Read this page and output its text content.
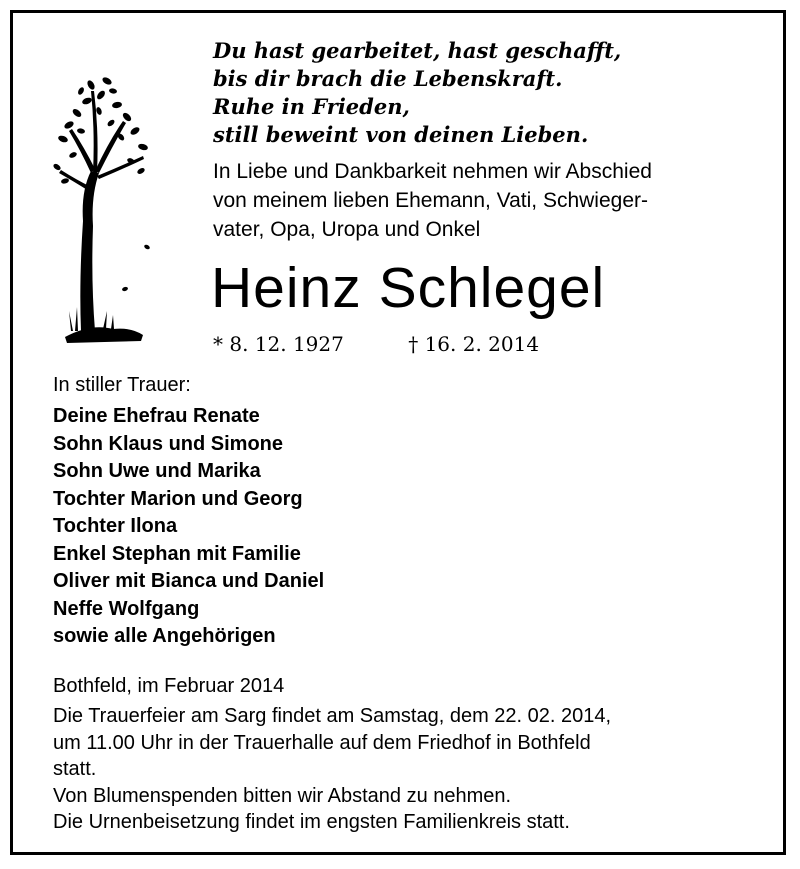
Du hast gearbeitet, hast geschafft,
bis dir brach die Lebenskraft.
Ruhe in Frieden,
still beweint von deinen Lieben.
In Liebe und Dankbarkeit nehmen wir Abschied
von meinem lieben Ehemann, Vati, Schwieger-
vater, Opa, Uropa und Onkel
Heinz Schlegel
* 8. 12. 1927	† 16. 2. 2014
In stiller Trauer:
Deine Ehefrau Renate
Sohn Klaus und Simone
Sohn Uwe und Marika
Tochter Marion und Georg
Tochter Ilona
Enkel Stephan mit Familie
Oliver mit Bianca und Daniel
Neffe Wolfgang
sowie alle Angehörigen
Bothfeld, im Februar 2014
Die Trauerfeier am Sarg findet am Samstag, dem 22. 02. 2014,
um 11.00 Uhr in der Trauerhalle auf dem Friedhof in Bothfeld
statt.
Von Blumenspenden bitten wir Abstand zu nehmen.
Die Urnenbeisetzung findet im engsten Familienkreis statt.
